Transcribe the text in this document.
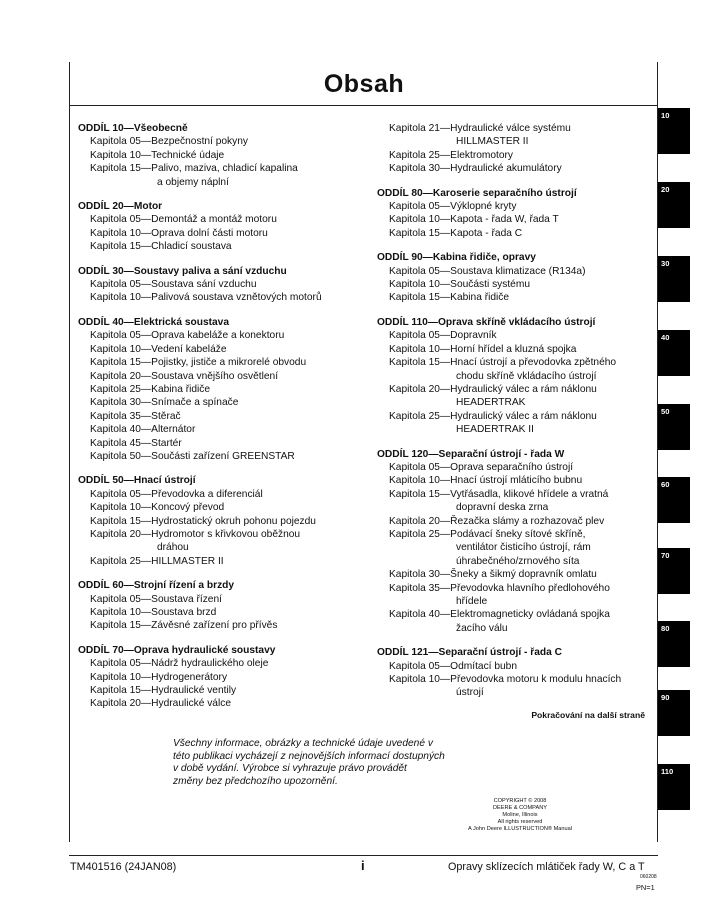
Obsah
ODDÍL 10—Všeobecně
Kapitola 05—Bezpečnostní pokyny
Kapitola 10—Technické údaje
Kapitola 15—Palivo, maziva, chladicí kapalina
a objemy náplní
ODDÍL 20—Motor
Kapitola 05—Demontáž a montáž motoru
Kapitola 10—Oprava dolní části motoru
Kapitola 15—Chladicí soustava
ODDÍL 30—Soustavy paliva a sání vzduchu
Kapitola 05—Soustava sání vzduchu
Kapitola 10—Palivová soustava vznětových motorů
ODDÍL 40—Elektrická soustava
Kapitola 05—Oprava kabeláže a konektoru
Kapitola 10—Vedení kabeláže
Kapitola 15—Pojistky, jističe a mikrorelé obvodu
Kapitola 20—Soustava vnějšího osvětlení
Kapitola 25—Kabina řidiče
Kapitola 30—Snímače a spínače
Kapitola 35—Stěrač
Kapitola 40—Alternátor
Kapitola 45—Startér
Kapitola 50—Součásti zařízení GREENSTAR
ODDÍL 50—Hnací ústrojí
Kapitola 05—Převodovka a diferenciál
Kapitola 10—Koncový převod
Kapitola 15—Hydrostatický okruh pohonu pojezdu
Kapitola 20—Hydromotor s křivkovou oběžnou
dráhou
Kapitola 25—HILLMASTER II
ODDÍL 60—Strojní řízení a brzdy
Kapitola 05—Soustava řízení
Kapitola 10—Soustava brzd
Kapitola 15—Závěsné zařízení pro přívěs
ODDÍL 70—Oprava hydraulické soustavy
Kapitola 05—Nádrž hydraulického oleje
Kapitola 10—Hydrogenerátory
Kapitola 15—Hydraulické ventily
Kapitola 20—Hydraulické válce
Kapitola 21—Hydraulické válce systému
HILLMASTER II
Kapitola 25—Elektromotory
Kapitola 30—Hydraulické akumulátory
ODDÍL 80—Karoserie separačního ústrojí
Kapitola 05—Výklopné kryty
Kapitola 10—Kapota - řada W, řada T
Kapitola 15—Kapota - řada C
ODDÍL 90—Kabina řidiče, opravy
Kapitola 05—Soustava klimatizace (R134a)
Kapitola 10—Součásti systému
Kapitola 15—Kabina řidiče
ODDÍL 110—Oprava skříně vkládacího ústrojí
Kapitola 05—Dopravník
Kapitola 10—Horní hřídel a kluzná spojka
Kapitola 15—Hnací ústrojí a převodovka zpětného
chodu skříně vkládacího ústrojí
Kapitola 20—Hydraulický válec a rám náklonu
HEADERTRAK
Kapitola 25—Hydraulický válec a rám náklonu
HEADERTRAK II
ODDÍL 120—Separační ústrojí - řada W
Kapitola 05—Oprava separačního ústrojí
Kapitola 10—Hnací ústrojí mláticího bubnu
Kapitola 15—Vytřásadla, klikové hřídele a vratná
dopravní deska zrna
Kapitola 20—Řezačka slámy a rozhazovač plev
Kapitola 25—Podávací šneky sítové skříně,
ventilátor čisticího ústrojí, rám
úhrabečného/zrnového síta
Kapitola 30—Šneky a šikmý dopravník omlatu
Kapitola 35—Převodovka hlavního předlohového
hřídele
Kapitola 40—Elektromagneticky ovládaná spojka
žacího válu
ODDÍL 121—Separační ústrojí - řada C
Kapitola 05—Odmítací bubn
Kapitola 10—Převodovka motoru k modulu hnacích
ústrojí
Pokračování na další straně
Všechny informace, obrázky a technické údaje uvedené v
této publikaci vycházejí z nejnovějších informací dostupných
v době vydání. Výrobce si vyhrazuje právo provádět
změny bez předchozího upozornění.
COPYRIGHT © 2008
DEERE & COMPANY
Moline, Illinois
All rights reserved
A John Deere ILLUSTRUCTION® Manual
10
20
30
40
50
60
70
80
90
110
TM401516 (24JAN08)	i	Opravy sklízecích mlátiček řady W, C a T
060208
PN=1
